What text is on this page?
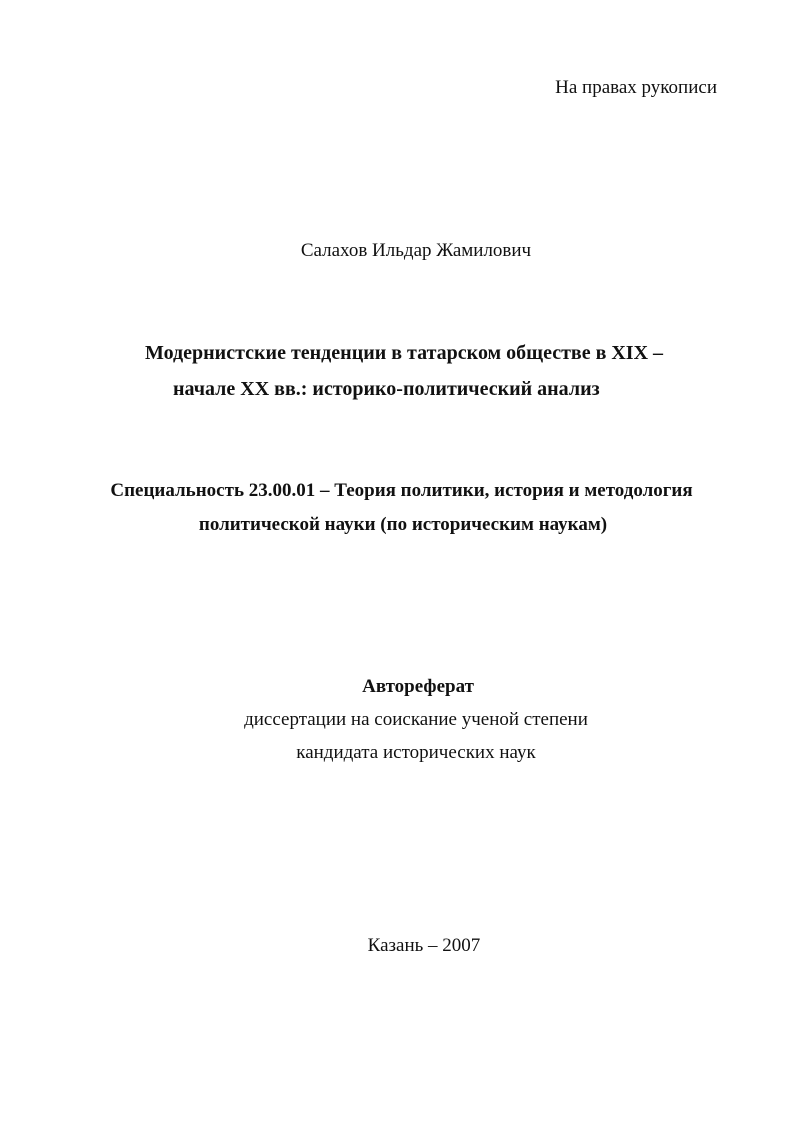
На правах рукописи
Салахов Ильдар Жамилович
Модернистские тенденции в татарском обществе в XIX –
начале XX вв.: историко-политический анализ
Специальность 23.00.01 – Теория политики, история и методология
политической науки (по историческим наукам)
Автореферат
диссертации на соискание ученой степени
кандидата исторических наук
Казань – 2007
